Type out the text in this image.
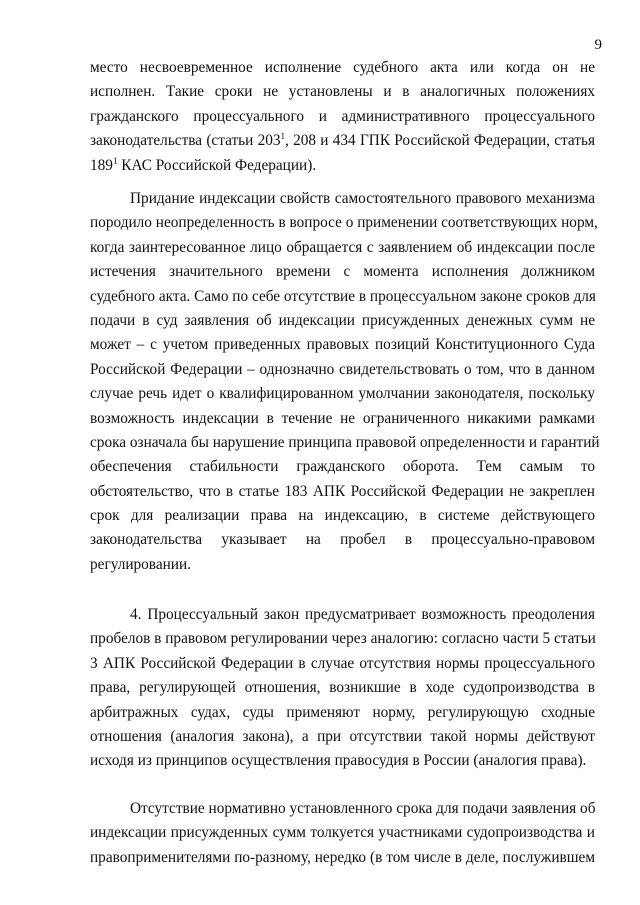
9
место несвоевременное исполнение судебного акта или когда он не
исполнен. Такие сроки не установлены и в аналогичных положениях
гражданского процессуального и административного процессуального
законодательства (статьи $203^1$, 208 и 434 ГПК Российской Федерации, статья
$189^1$ КАС Российской Федерации).
Придание индексации свойств самостоятельного правового механизма
породило неопределенность в вопросе о применении соответствующих норм,
когда заинтересованное лицо обращается с заявлением об индексации после
истечения значительного времени с момента исполнения должником
судебного акта. Само по себе отсутствие в процессуальном законе сроков для
подачи в суд заявления об индексации присужденных денежных сумм не
может – с учетом приведенных правовых позиций Конституционного Суда
Российской Федерации – однозначно свидетельствовать о том, что в данном
случае речь идет о квалифицированном умолчании законодателя, поскольку
возможность индексации в течение не ограниченного никакими рамками
срока означала бы нарушение принципа правовой определенности и гарантий
обеспечения стабильности гражданского оборота. Тем самым то
обстоятельство, что в статье 183 АПК Российской Федерации не закреплен
срок для реализации права на индексацию, в системе действующего
законодательства указывает на пробел в процессуально-правовом
регулировании.
4. Процессуальный закон предусматривает возможность преодоления
пробелов в правовом регулировании через аналогию: согласно части 5 статьи
3 АПК Российской Федерации в случае отсутствия нормы процессуального
права, регулирующей отношения, возникшие в ходе судопроизводства в
арбитражных судах, суды применяют норму, регулирующую сходные
отношения (аналогия закона), а при отсутствии такой нормы действуют
исходя из принципов осуществления правосудия в России (аналогия права).
Отсутствие нормативно установленного срока для подачи заявления об
индексации присужденных сумм толкуется участниками судопроизводства и
правоприменителями по-разному, нередко (в том числе в деле, послужившем
